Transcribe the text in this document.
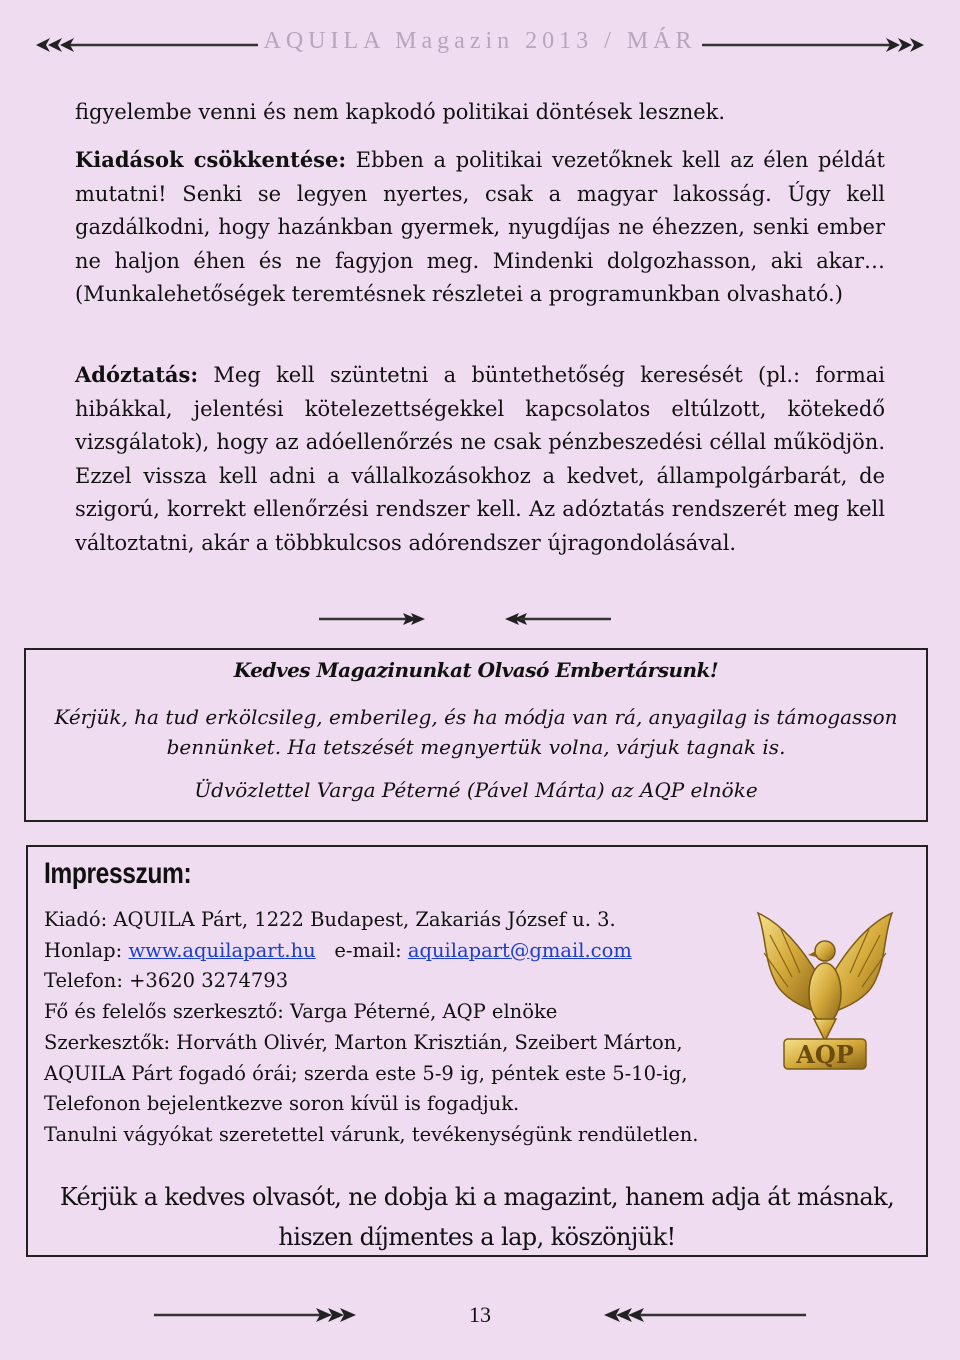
AQUILA Magazin 2013 / MÁR

figyelembe venni és nem kapkodó politikai döntések lesznek.

Kiadások csökkentése: Ebben a politikai vezetőknek kell az élen példát mutatni! Senki se legyen nyertes, csak a magyar lakosság. Úgy kell gazdálkodni, hogy hazánkban gyermek, nyugdíjas ne éhezzen, senki ember ne haljon éhen és ne fagyjon meg. Mindenki dolgozhasson, aki akar… (Munkalehetőségek teremtésnek részletei a programunkban olvasható.)

Adóztatás: Meg kell szüntetni a büntethetőség keresését (pl.: formai hibákkal, jelentési kötelezettségekkel kapcsolatos eltúlzott, kötekedő vizsgálatok), hogy az adóellenőrzés ne csak pénzbeszedési céllal működjön. Ezzel vissza kell adni a vállalkozásokhoz a kedvet, állampolgárbarát, de szigorú, korrekt ellenőrzési rendszer kell. Az adóztatás rendszerét meg kell változtatni, akár a többkulcsos adórendszer újragondolásával.

Kedves Magazinunkat Olvasó Embertársunk!
Kérjük, ha tud erkölcsileg, emberileg, és ha módja van rá, anyagilag is támogasson bennünket. Ha tetszését megnyertük volna, várjuk tagnak is.
Üdvözlettel Varga Péterné (Pável Márta) az AQP elnöke
Impresszum:
Kiadó: AQUILA Párt, 1222 Budapest, Zakariás József u. 3.
Honlap: www.aquilapart.hu e-mail: aquilapart@gmail.com
Telefon: +3620 3274793
Fő és felelős szerkesztő: Varga Péterné, AQP elnöke
Szerkesztők: Horváth Olivér, Marton Krisztián, Szeibert Márton,
AQUILA Párt fogadó órái; szerda este 5-9 ig, péntek este 5-10-ig,
Telefonon bejelentkezve soron kívül is fogadjuk.
Tanulni vágyókat szeretettel várunk, tevékenységünk rendületlen.
AQP
Kérjük a kedves olvasót, ne dobja ki a magazint, hanem adja át másnak, hiszen díjmentes a lap, köszönjük!
13
